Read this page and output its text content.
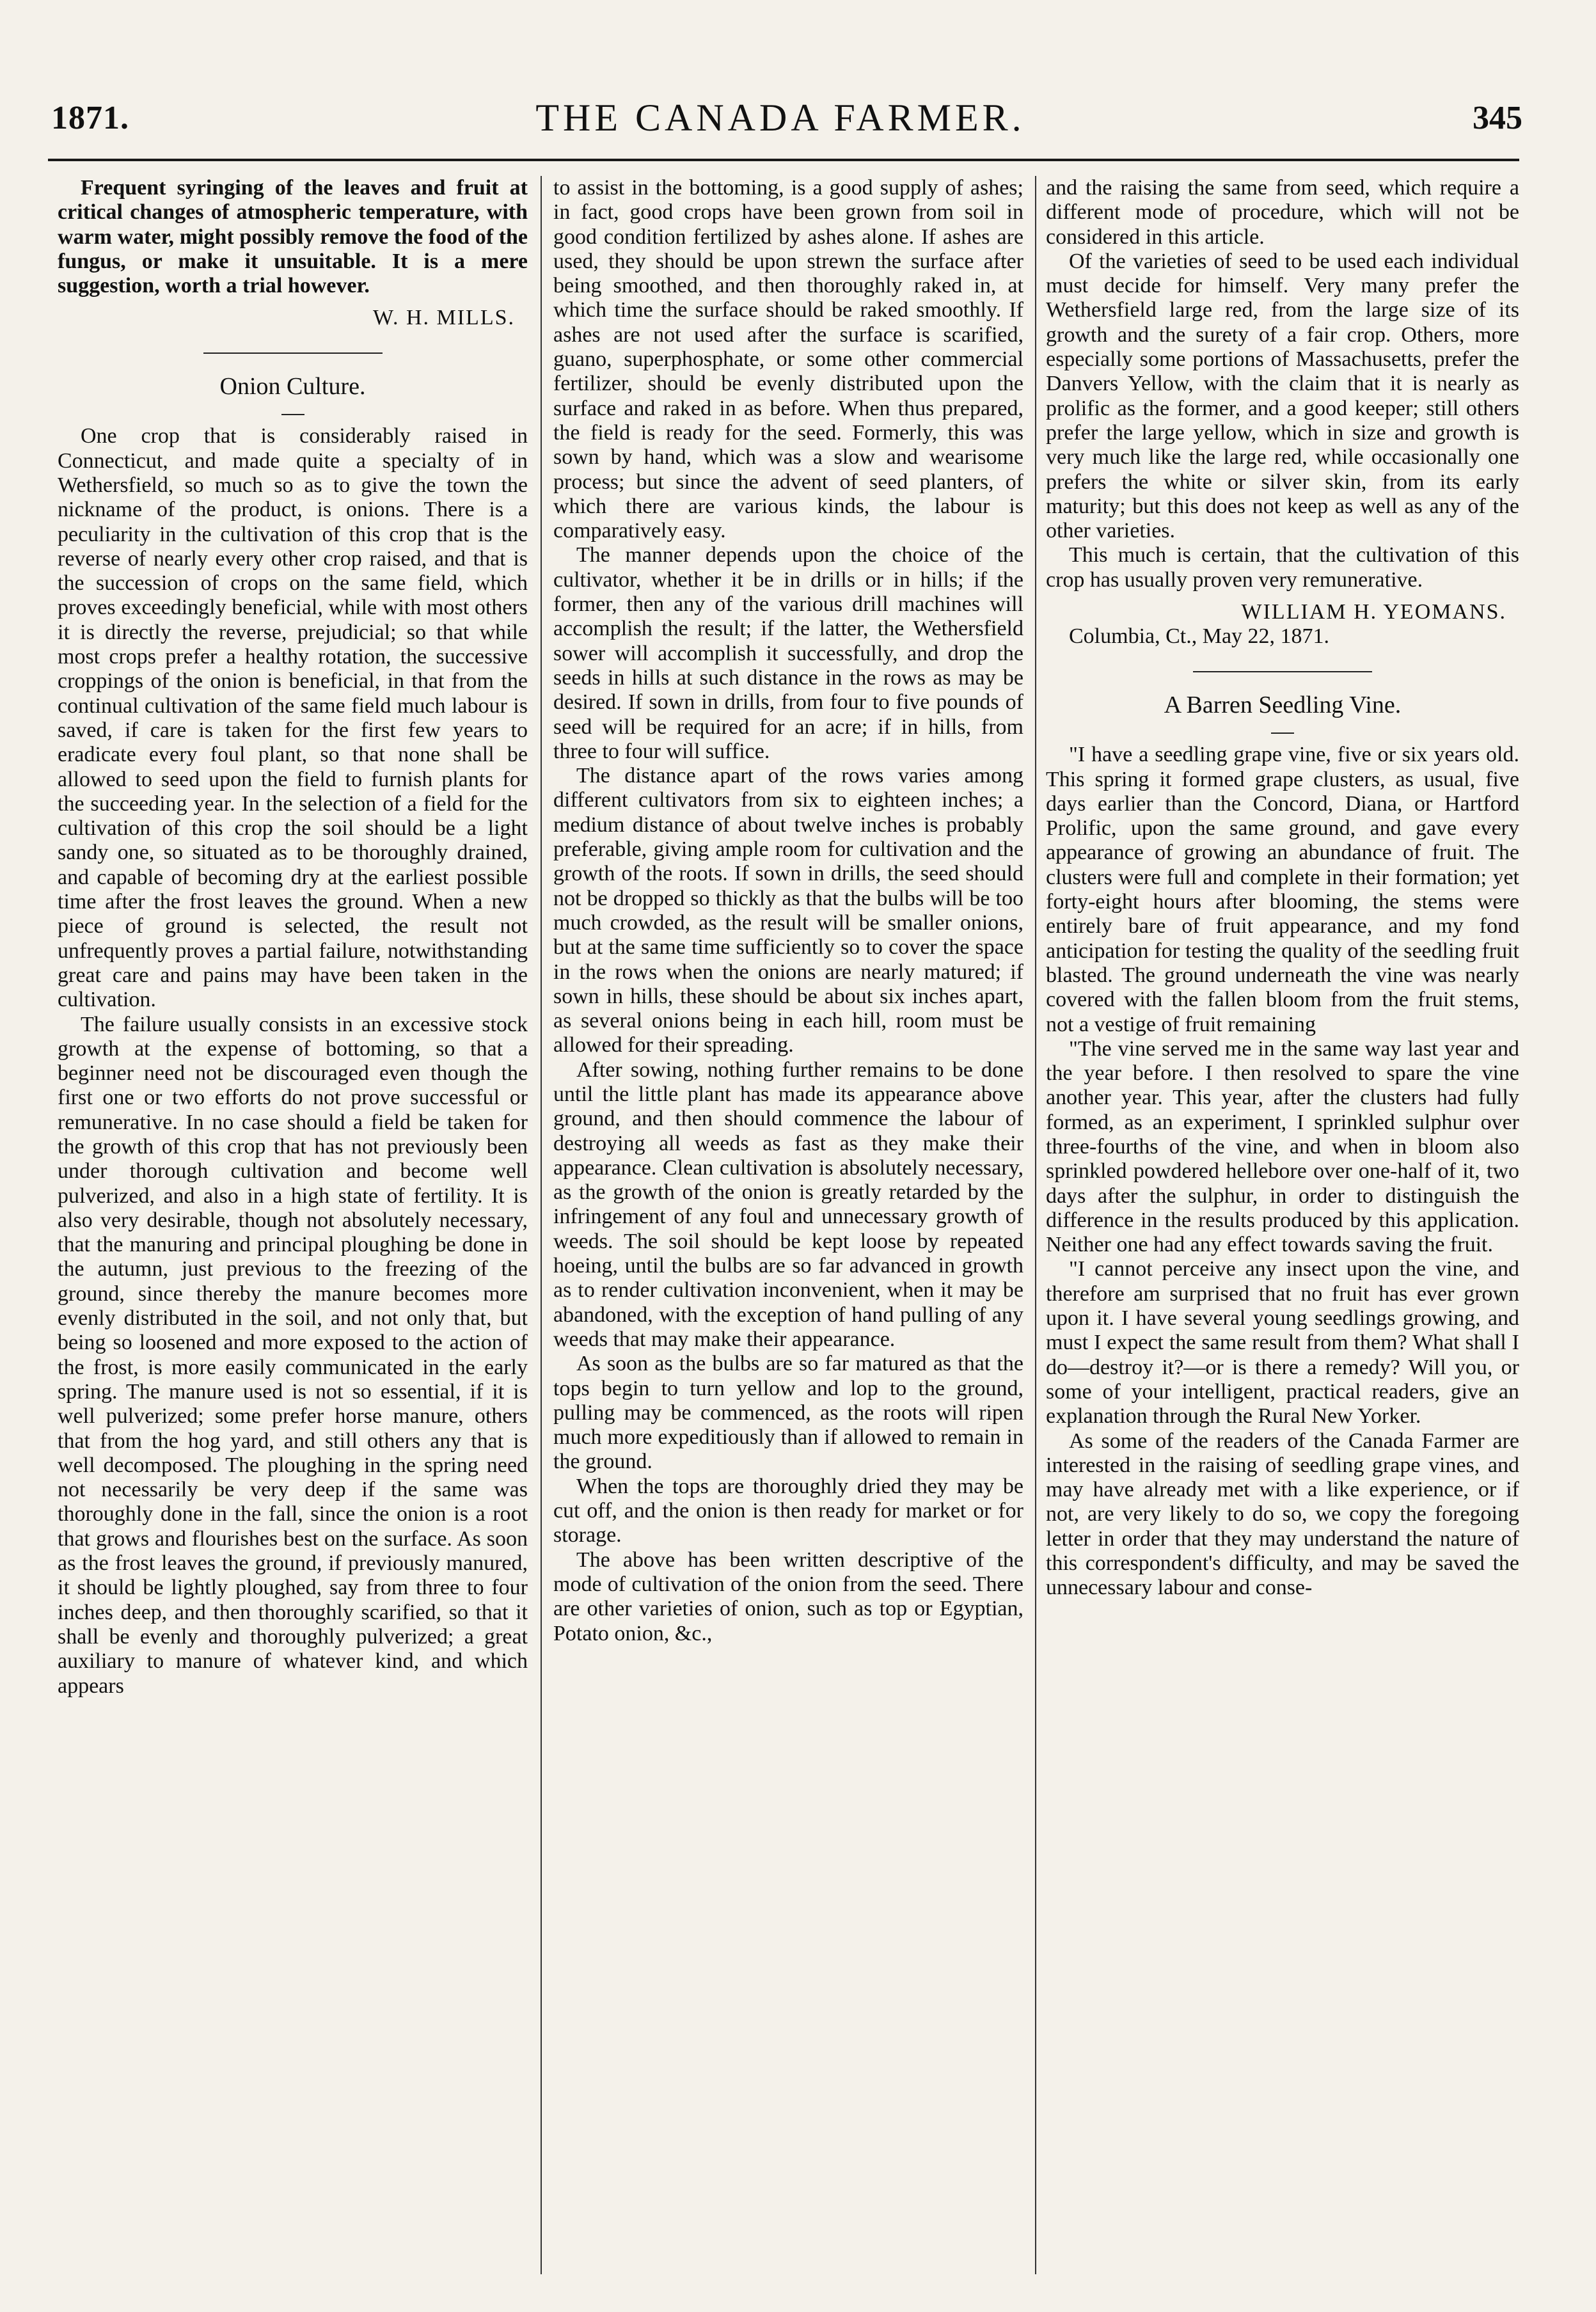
1871.	THE CANADA FARMER.	345

Frequent syringing of the leaves and fruit at critical changes of atmospheric temperature, with warm water, might possibly remove the food of the fungus, or make it unsuitable. It is a mere suggestion, worth a trial however.

W. H. MILLS.
Onion Culture.

One crop that is considerably raised in Connecticut, and made quite a specialty of in Wethersfield, so much so as to give the town the nickname of the product, is onions. There is a peculiarity in the cultivation of this crop that is the reverse of nearly every other crop raised, and that is the succession of crops on the same field, which proves exceedingly beneficial, while with most others it is directly the reverse, prejudicial; so that while most crops prefer a healthy rotation, the successive croppings of the onion is beneficial, in that from the continual cultivation of the same field much labour is saved, if care is taken for the first few years to eradicate every foul plant, so that none shall be allowed to seed upon the field to furnish plants for the succeeding year. In the selection of a field for the cultivation of this crop the soil should be a light sandy one, so situated as to be thoroughly drained, and capable of becoming dry at the earliest possible time after the frost leaves the ground. When a new piece of ground is selected, the result not unfrequently proves a partial failure, notwithstanding great care and pains may have been taken in the cultivation.

The failure usually consists in an excessive stock growth at the expense of bottoming, so that a beginner need not be discouraged even though the first one or two efforts do not prove successful or remunerative. In no case should a field be taken for the growth of this crop that has not previously been under thorough cultivation and become well pulverized, and also in a high state of fertility. It is also very desirable, though not absolutely necessary, that the manuring and principal ploughing be done in the autumn, just previous to the freezing of the ground, since thereby the manure becomes more evenly distributed in the soil, and not only that, but being so loosened and more exposed to the action of the frost, is more easily communicated in the early spring. The manure used is not so essential, if it is well pulverized; some prefer horse manure, others that from the hog yard, and still others any that is well decomposed. The ploughing in the spring need not necessarily be very deep if the same was thoroughly done in the fall, since the onion is a root that grows and flourishes best on the surface. As soon as the frost leaves the ground, if previously manured, it should be lightly ploughed, say from three to four inches deep, and then thoroughly scarified, so that it shall be evenly and thoroughly pulverized; a great auxiliary to manure of whatever kind, and which appears

to assist in the bottoming, is a good supply of ashes; in fact, good crops have been grown from soil in good condition fertilized by ashes alone. If ashes are used, they should be upon strewn the surface after being smoothed, and then thoroughly raked in, at which time the surface should be raked smoothly. If ashes are not used after the surface is scarified, guano, superphosphate, or some other commercial fertilizer, should be evenly distributed upon the surface and raked in as before. When thus prepared, the field is ready for the seed. Formerly, this was sown by hand, which was a slow and wearisome process; but since the advent of seed planters, of which there are various kinds, the labour is comparatively easy.

The manner depends upon the choice of the cultivator, whether it be in drills or in hills; if the former, then any of the various drill machines will accomplish the result; if the latter, the Wethersfield sower will accomplish it successfully, and drop the seeds in hills at such distance in the rows as may be desired. If sown in drills, from four to five pounds of seed will be required for an acre; if in hills, from three to four will suffice.

The distance apart of the rows varies among different cultivators from six to eighteen inches; a medium distance of about twelve inches is probably preferable, giving ample room for cultivation and the growth of the roots. If sown in drills, the seed should not be dropped so thickly as that the bulbs will be too much crowded, as the result will be smaller onions, but at the same time sufficiently so to cover the space in the rows when the onions are nearly matured; if sown in hills, these should be about six inches apart, as several onions being in each hill, room must be allowed for their spreading.

After sowing, nothing further remains to be done until the little plant has made its appearance above ground, and then should commence the labour of destroying all weeds as fast as they make their appearance. Clean cultivation is absolutely necessary, as the growth of the onion is greatly retarded by the infringement of any foul and unnecessary growth of weeds. The soil should be kept loose by repeated hoeing, until the bulbs are so far advanced in growth as to render cultivation inconvenient, when it may be abandoned, with the exception of hand pulling of any weeds that may make their appearance.

As soon as the bulbs are so far matured as that the tops begin to turn yellow and lop to the ground, pulling may be commenced, as the roots will ripen much more expeditiously than if allowed to remain in the ground.

When the tops are thoroughly dried they may be cut off, and the onion is then ready for market or for storage.

The above has been written descriptive of the mode of cultivation of the onion from the seed. There are other varieties of onion, such as top or Egyptian, Potato onion, &c.,

and the raising the same from seed, which require a different mode of procedure, which will not be considered in this article.

Of the varieties of seed to be used each individual must decide for himself. Very many prefer the Wethersfield large red, from the large size of its growth and the surety of a fair crop. Others, more especially some portions of Massachusetts, prefer the Danvers Yellow, with the claim that it is nearly as prolific as the former, and a good keeper; still others prefer the large yellow, which in size and growth is very much like the large red, while occasionally one prefers the white or silver skin, from its early maturity; but this does not keep as well as any of the other varieties.

This much is certain, that the cultivation of this crop has usually proven very remunerative.

WILLIAM H. YEOMANS.
Columbia, Ct., May 22, 1871.
A Barren Seedling Vine.

"I have a seedling grape vine, five or six years old. This spring it formed grape clusters, as usual, five days earlier than the Concord, Diana, or Hartford Prolific, upon the same ground, and gave every appearance of growing an abundance of fruit. The clusters were full and complete in their formation; yet forty-eight hours after blooming, the stems were entirely bare of fruit appearance, and my fond anticipation for testing the quality of the seedling fruit blasted. The ground underneath the vine was nearly covered with the fallen bloom from the fruit stems, not a vestige of fruit remaining

"The vine served me in the same way last year and the year before. I then resolved to spare the vine another year. This year, after the clusters had fully formed, as an experiment, I sprinkled sulphur over three-fourths of the vine, and when in bloom also sprinkled powdered hellebore over one-half of it, two days after the sulphur, in order to distinguish the difference in the results produced by this application. Neither one had any effect towards saving the fruit.

"I cannot perceive any insect upon the vine, and therefore am surprised that no fruit has ever grown upon it. I have several young seedlings growing, and must I expect the same result from them? What shall I do—destroy it?—or is there a remedy? Will you, or some of your intelligent, practical readers, give an explanation through the Rural New Yorker.

As some of the readers of the Canada Farmer are interested in the raising of seedling grape vines, and may have already met with a like experience, or if not, are very likely to do so, we copy the foregoing letter in order that they may understand the nature of this correspondent's difficulty, and may be saved the unnecessary labour and conse-
